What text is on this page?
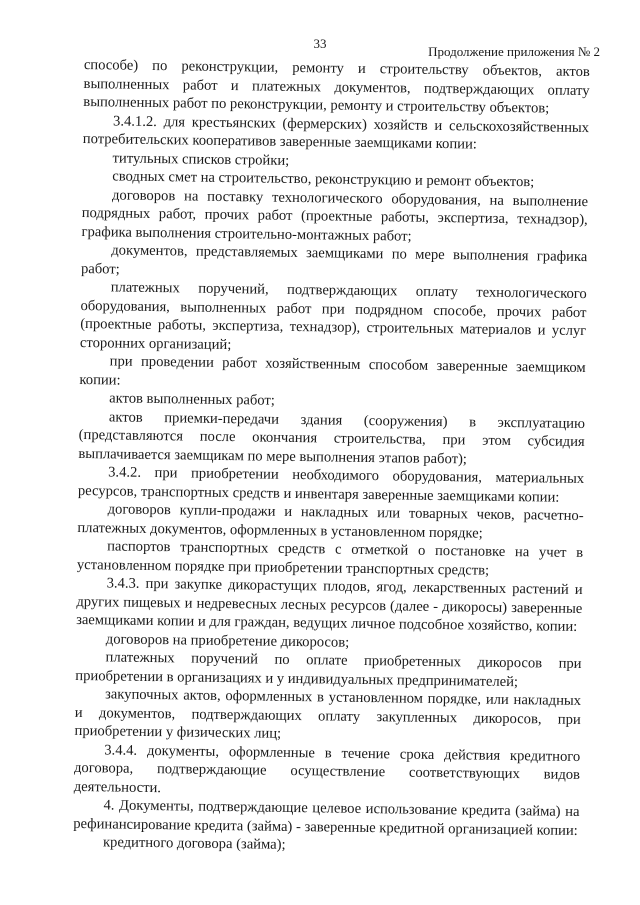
33
Продолжение приложения № 2

способе) по реконструкции, ремонту и строительству объектов, актов выполненных работ и платежных документов, подтверждающих оплату выполненных работ по реконструкции, ремонту и строительству объектов;

3.4.1.2. для крестьянских (фермерских) хозяйств и сельскохозяйственных потребительских кооперативов заверенные заемщиками копии:

титульных списков стройки;

сводных смет на строительство, реконструкцию и ремонт объектов;

договоров на поставку технологического оборудования, на выполнение подрядных работ, прочих работ (проектные работы, экспертиза, технадзор), графика выполнения строительно-монтажных работ;

документов, представляемых заемщиками по мере выполнения графика работ;

платежных поручений, подтверждающих оплату технологического оборудования, выполненных работ при подрядном способе, прочих работ (проектные работы, экспертиза, технадзор), строительных материалов и услуг сторонних организаций;

при проведении работ хозяйственным способом заверенные заемщиком копии:

актов выполненных работ;

актов приемки-передачи здания (сооружения) в эксплуатацию (представляются после окончания строительства, при этом субсидия выплачивается заемщикам по мере выполнения этапов работ);

3.4.2. при приобретении необходимого оборудования, материальных ресурсов, транспортных средств и инвентаря заверенные заемщиками копии:

договоров купли-продажи и накладных или товарных чеков, расчетно-платежных документов, оформленных в установленном порядке;

паспортов транспортных средств с отметкой о постановке на учет в установленном порядке при приобретении транспортных средств;

3.4.3. при закупке дикорастущих плодов, ягод, лекарственных растений и других пищевых и недревесных лесных ресурсов (далее - дикоросы) заверенные заемщиками копии и для граждан, ведущих личное подсобное хозяйство, копии:

договоров на приобретение дикоросов;

платежных поручений по оплате приобретенных дикоросов при приобретении в организациях и у индивидуальных предпринимателей;

закупочных актов, оформленных в установленном порядке, или накладных и документов, подтверждающих оплату закупленных дикоросов, при приобретении у физических лиц;

3.4.4. документы, оформленные в течение срока действия кредитного договора, подтверждающие осуществление соответствующих видов деятельности.

4. Документы, подтверждающие целевое использование кредита (займа) на рефинансирование кредита (займа) - заверенные кредитной организацией копии:

кредитного договора (займа);
